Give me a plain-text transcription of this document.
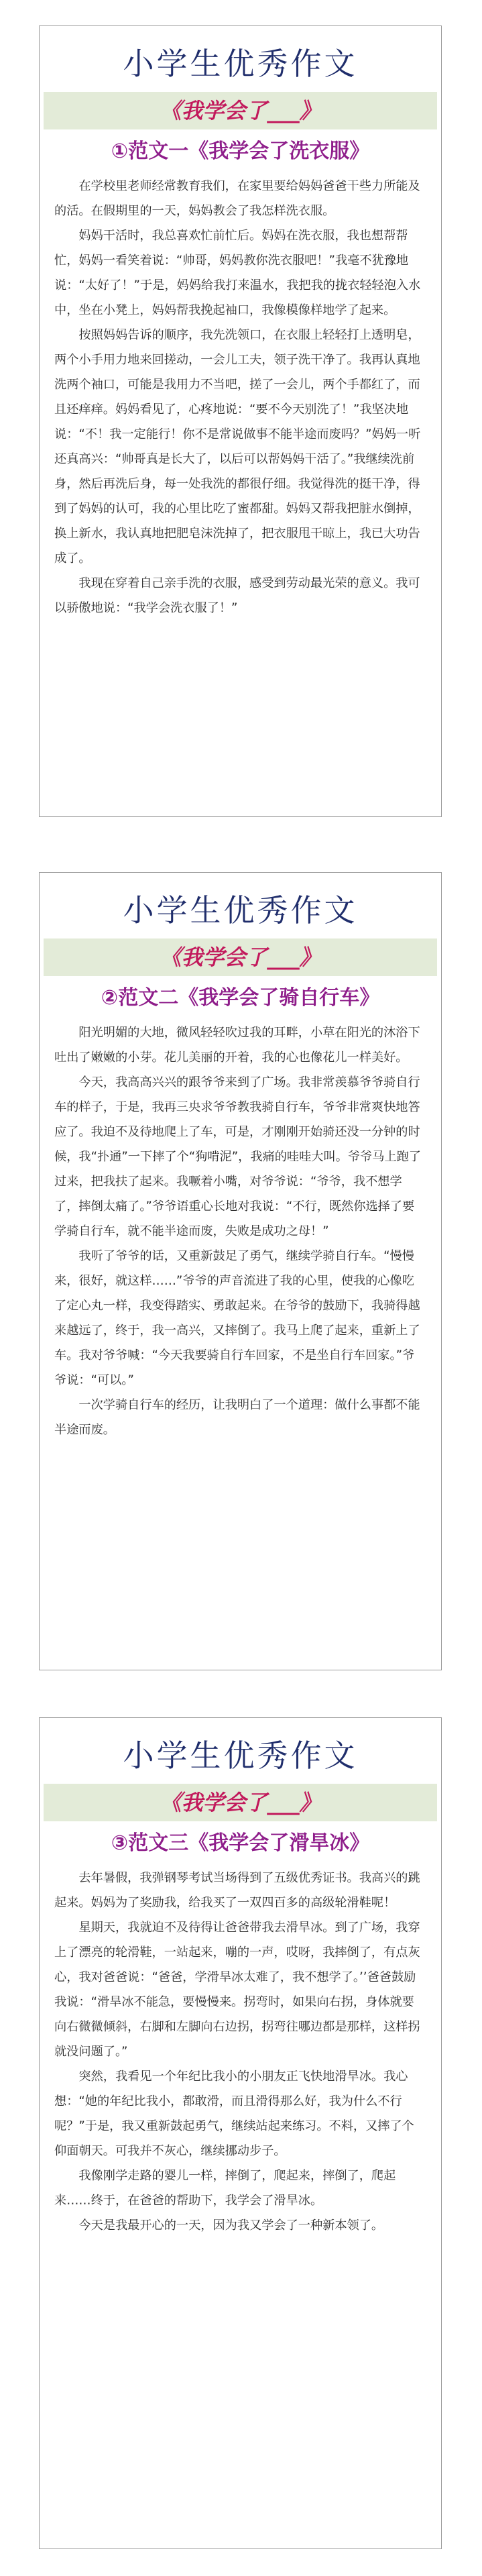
小学生优秀作文
《我学会了___》
①范文一《我学会了洗衣服》

在学校里老师经常教育我们，在家里要给妈妈爸爸干些力所能及的活。在假期里的一天，妈妈教会了我怎样洗衣服。

妈妈干活时，我总喜欢忙前忙后。妈妈在洗衣服，我也想帮帮忙，妈妈一看笑着说：“帅哥，妈妈教你洗衣服吧！”我毫不犹豫地说：“太好了！”于是，妈妈给我打来温水，我把我的拢衣轻轻泡入水中，坐在小凳上，妈妈帮我挽起袖口，我像模像样地学了起来。

按照妈妈告诉的顺序，我先洗领口，在衣服上轻轻打上透明皂，两个小手用力地来回搓动，一会儿工夫，领子洗干净了。我再认真地洗两个袖口，可能是我用力不当吧，搓了一会儿，两个手都红了，而且还痒痒。妈妈看见了，心疼地说：“要不今天别洗了！”我坚决地说：“不！我一定能行！你不是常说做事不能半途而废吗？”妈妈一听还真高兴：“帅哥真是长大了，以后可以帮妈妈干活了。”我继续洗前身，然后再洗后身，每一处我洗的都很仔细。我觉得洗的挺干净，得到了妈妈的认可，我的心里比吃了蜜都甜。妈妈又帮我把脏水倒掉，换上新水，我认真地把肥皂沫洗掉了，把衣服甩干晾上，我已大功告成了。

我现在穿着自己亲手洗的衣服，感受到劳动最光荣的意义。我可以骄傲地说：“我学会洗衣服了！”

小学生优秀作文
《我学会了___》
②范文二《我学会了骑自行车》

阳光明媚的大地，微风轻轻吹过我的耳畔，小草在阳光的沐浴下吐出了嫩嫩的小芽。花儿美丽的开着，我的心也像花儿一样美好。

今天，我高高兴兴的跟爷爷来到了广场。我非常羡慕爷爷骑自行车的样子，于是，我再三央求爷爷教我骑自行车，爷爷非常爽快地答应了。我迫不及待地爬上了车，可是，才刚刚开始骑还没一分钟的时候，我“扑通”一下摔了个“狗啃泥”，我痛的哇哇大叫。爷爷马上跑了过来，把我扶了起来。我噘着小嘴，对爷爷说：“爷爷，我不想学了，摔倒太痛了。”爷爷语重心长地对我说：“不行，既然你选择了要学骑自行车，就不能半途而废，失败是成功之母！”

我听了爷爷的话，又重新鼓足了勇气，继续学骑自行车。“慢慢来，很好，就这样……”爷爷的声音流进了我的心里，使我的心像吃了定心丸一样，我变得踏实、勇敢起来。在爷爷的鼓励下，我骑得越来越远了，终于，我一高兴，又摔倒了。我马上爬了起来，重新上了车。我对爷爷喊：“今天我要骑自行车回家，不是坐自行车回家。”爷爷说：“可以。”

一次学骑自行车的经历，让我明白了一个道理：做什么事都不能半途而废。

小学生优秀作文
《我学会了___》
③范文三《我学会了滑旱冰》

去年暑假，我弹钢琴考试当场得到了五级优秀证书。我高兴的跳起来。妈妈为了奖励我，给我买了一双四百多的高级轮滑鞋呢！

星期天，我就迫不及待得让爸爸带我去滑旱冰。到了广场，我穿上了漂亮的轮滑鞋，一站起来，嘣的一声，哎呀，我摔倒了，有点灰心，我对爸爸说：“爸爸，学滑旱冰太难了，我不想学了。’’爸爸鼓励我说：“滑旱冰不能急，要慢慢来。拐弯时，如果向右拐，身体就要向右微微倾斜，右脚和左脚向右边拐，拐弯往哪边都是那样，这样拐就没问题了。”

突然，我看见一个年纪比我小的小朋友正飞快地滑旱冰。我心想：“她的年纪比我小，都敢滑，而且滑得那么好，我为什么不行呢？”于是，我又重新鼓起勇气，继续站起来练习。不料，又摔了个仰面朝天。可我并不灰心，继续挪动步子。

我像刚学走路的婴儿一样，摔倒了，爬起来，摔倒了，爬起来……终于，在爸爸的帮助下，我学会了滑旱冰。

今天是我最开心的一天，因为我又学会了一种新本领了。
